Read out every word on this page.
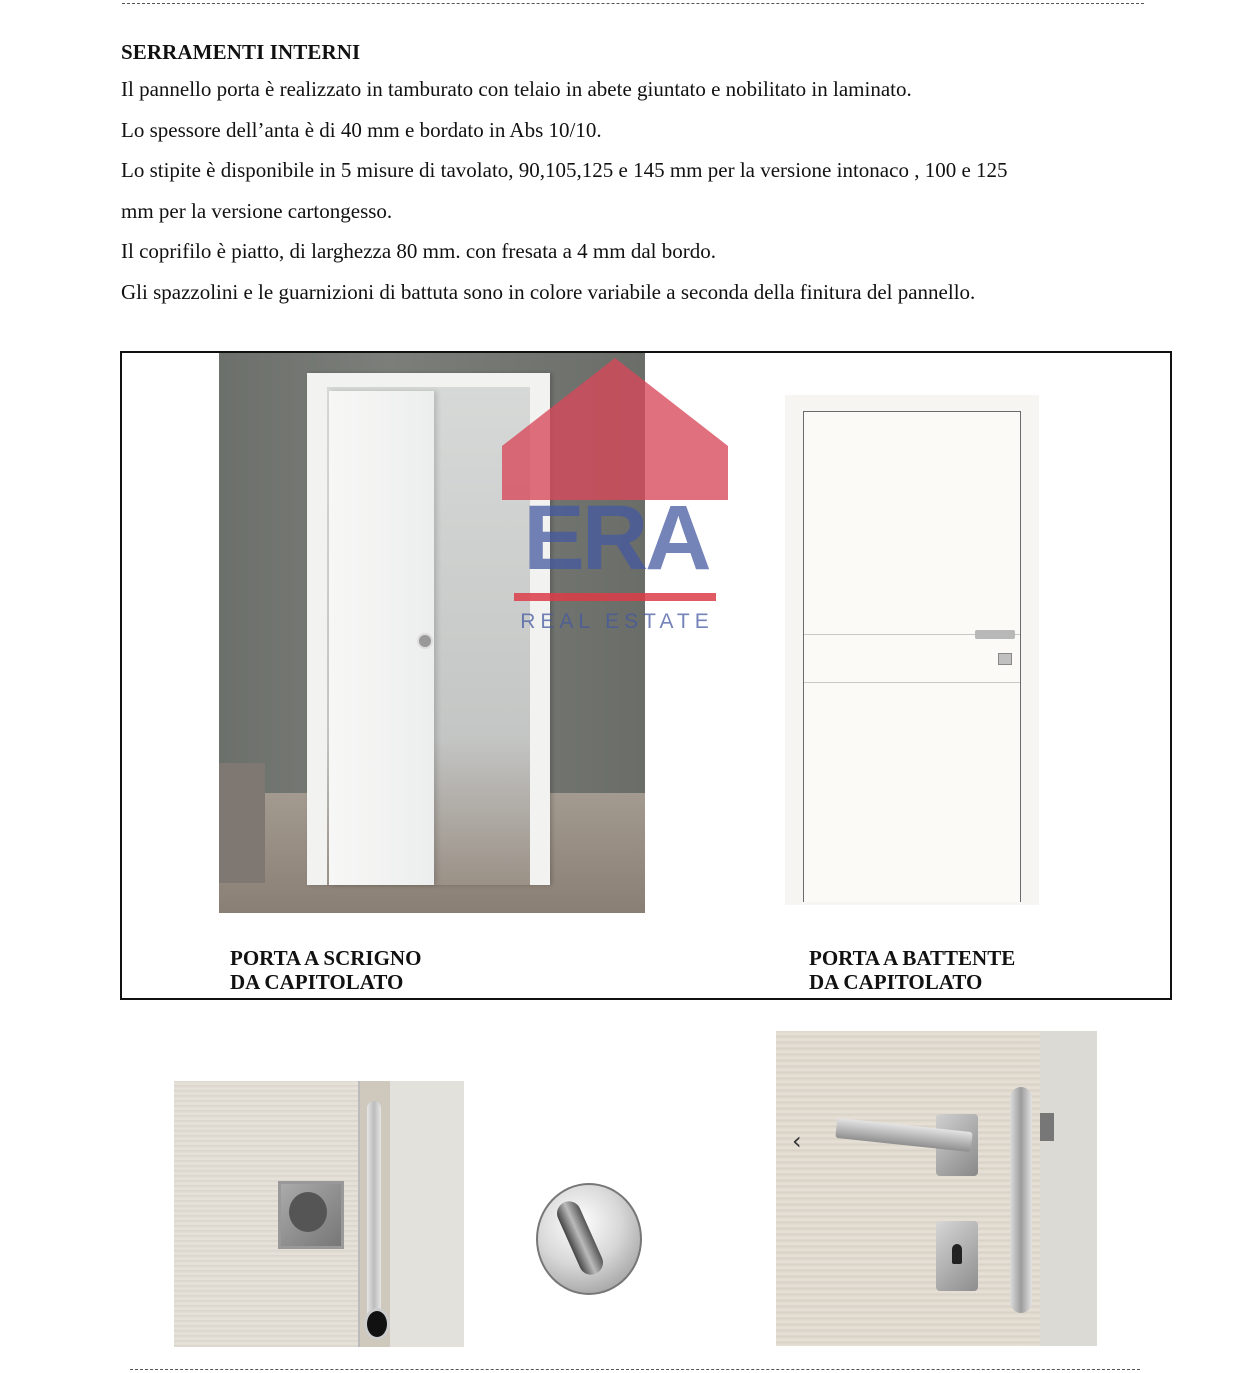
SERRAMENTI INTERNI

Il pannello porta è realizzato in tamburato con telaio in abete giuntato e nobilitato in laminato.

Lo spessore dell’anta è di 40 mm e bordato in Abs 10/10.

Lo stipite è disponibile in 5 misure di tavolato, 90,105,125 e 145 mm per la versione intonaco , 100 e 125

mm per la versione cartongesso.

Il coprifilo è piatto, di larghezza 80 mm. con fresata a 4 mm dal bordo.

Gli spazzolini e le guarnizioni di battuta sono in colore variabile a seconda della finitura del pannello.

PORTA A SCRIGNO
DA CAPITOLATO
PORTA A BATTENTE
DA CAPITOLATO
ERA
REAL ESTATE
‹
